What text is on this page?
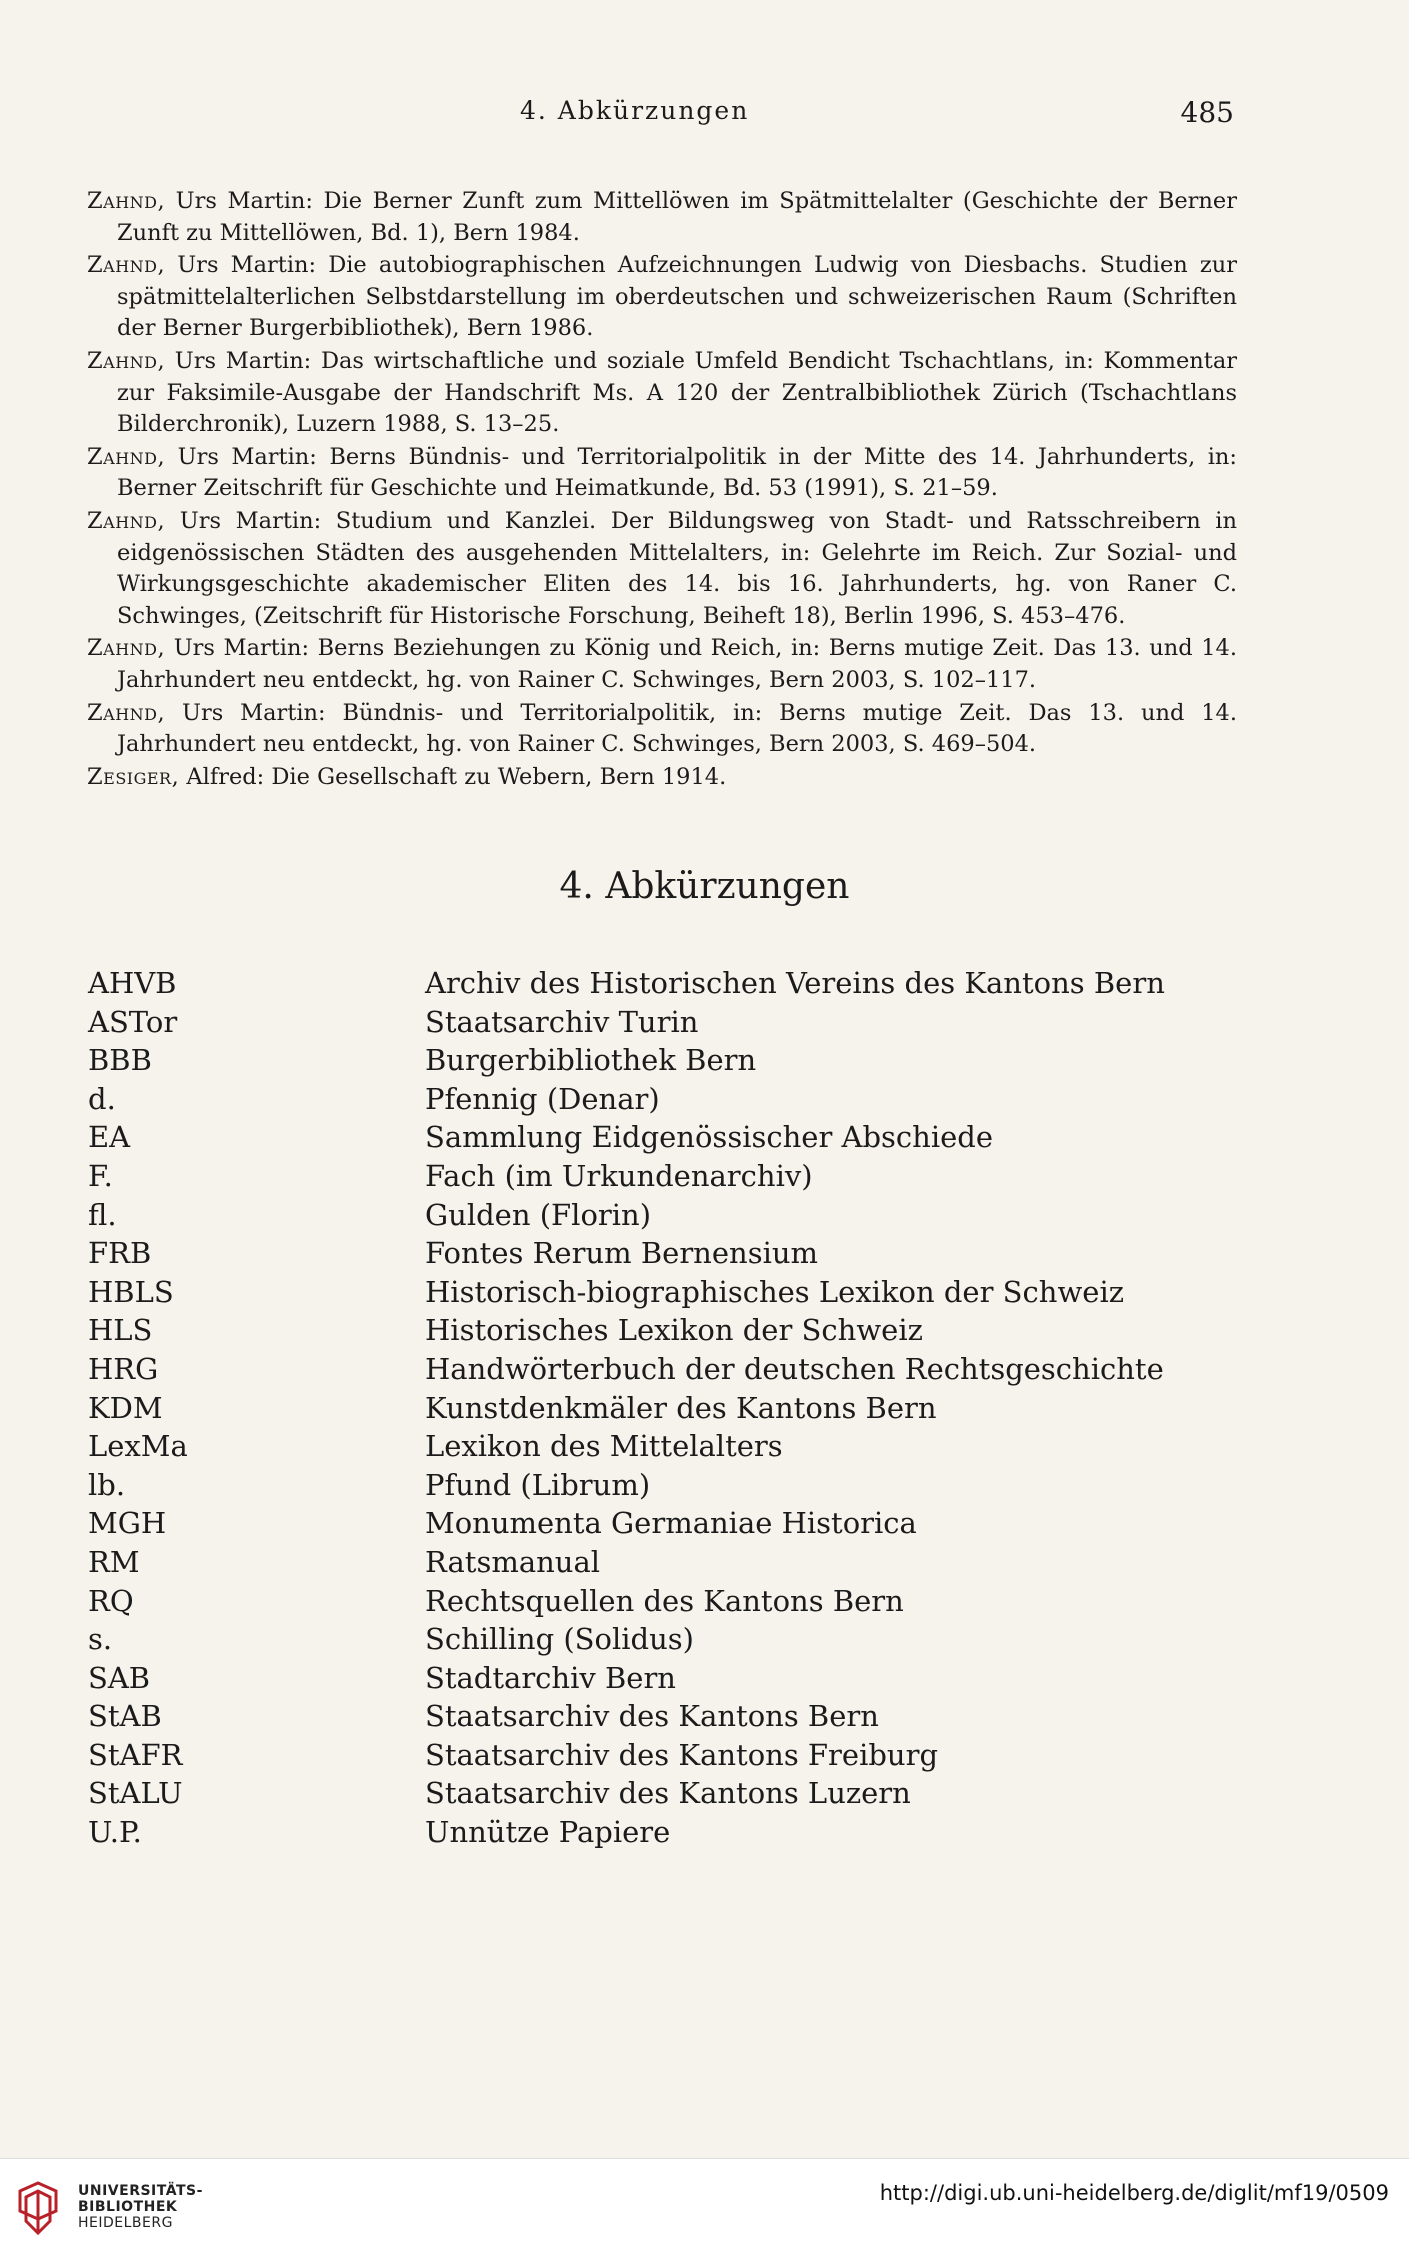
4. Abkürzungen	485

Zahnd, Urs Martin: Die Berner Zunft zum Mittellöwen im Spätmittelalter (Geschichte der Berner Zunft zu Mittellöwen, Bd. 1), Bern 1984.

Zahnd, Urs Martin: Die autobiographischen Aufzeichnungen Ludwig von Diesbachs. Studien zur spätmittelalterlichen Selbstdarstellung im oberdeutschen und schweizerischen Raum (Schriften der Berner Burgerbibliothek), Bern 1986.

Zahnd, Urs Martin: Das wirtschaftliche und soziale Umfeld Bendicht Tschachtlans, in: Kommentar zur Faksimile-Ausgabe der Handschrift Ms. A 120 der Zentralbibliothek Zürich (Tschachtlans Bilderchronik), Luzern 1988, S. 13–25.

Zahnd, Urs Martin: Berns Bündnis- und Territorialpolitik in der Mitte des 14. Jahrhunderts, in: Berner Zeitschrift für Geschichte und Heimatkunde, Bd. 53 (1991), S. 21–59.

Zahnd, Urs Martin: Studium und Kanzlei. Der Bildungsweg von Stadt- und Ratsschreibern in eidgenössischen Städten des ausgehenden Mittelalters, in: Gelehrte im Reich. Zur Sozial- und Wirkungsgeschichte akademischer Eliten des 14. bis 16. Jahrhunderts, hg. von Raner C. Schwinges, (Zeitschrift für Historische Forschung, Beiheft 18), Berlin 1996, S. 453–476.

Zahnd, Urs Martin: Berns Beziehungen zu König und Reich, in: Berns mutige Zeit. Das 13. und 14. Jahrhundert neu entdeckt, hg. von Rainer C. Schwinges, Bern 2003, S. 102–117.

Zahnd, Urs Martin: Bündnis- und Territorialpolitik, in: Berns mutige Zeit. Das 13. und 14. Jahrhundert neu entdeckt, hg. von Rainer C. Schwinges, Bern 2003, S. 469–504.

Zesiger, Alfred: Die Gesellschaft zu Webern, Bern 1914.

4. Abkürzungen
AHVB	Archiv des Historischen Vereins des Kantons Bern
ASTor	Staatsarchiv Turin
BBB	Burgerbibliothek Bern
d.	Pfennig (Denar)
EA	Sammlung Eidgenössischer Abschiede
F.	Fach (im Urkundenarchiv)
fl.	Gulden (Florin)
FRB	Fontes Rerum Bernensium
HBLS	Historisch-biographisches Lexikon der Schweiz
HLS	Historisches Lexikon der Schweiz
HRG	Handwörterbuch der deutschen Rechtsgeschichte
KDM	Kunstdenkmäler des Kantons Bern
LexMa	Lexikon des Mittelalters
lb.	Pfund (Librum)
MGH	Monumenta Germaniae Historica
RM	Ratsmanual
RQ	Rechtsquellen des Kantons Bern
s.	Schilling (Solidus)
SAB	Stadtarchiv Bern
StAB	Staatsarchiv des Kantons Bern
StAFR	Staatsarchiv des Kantons Freiburg
StALU	Staatsarchiv des Kantons Luzern
U.P.	Unnütze Papiere
UNIVERSITÄTS-
BIBLIOTHEK
HEIDELBERG
http://digi.ub.uni-heidelberg.de/diglit/mf19/0509
